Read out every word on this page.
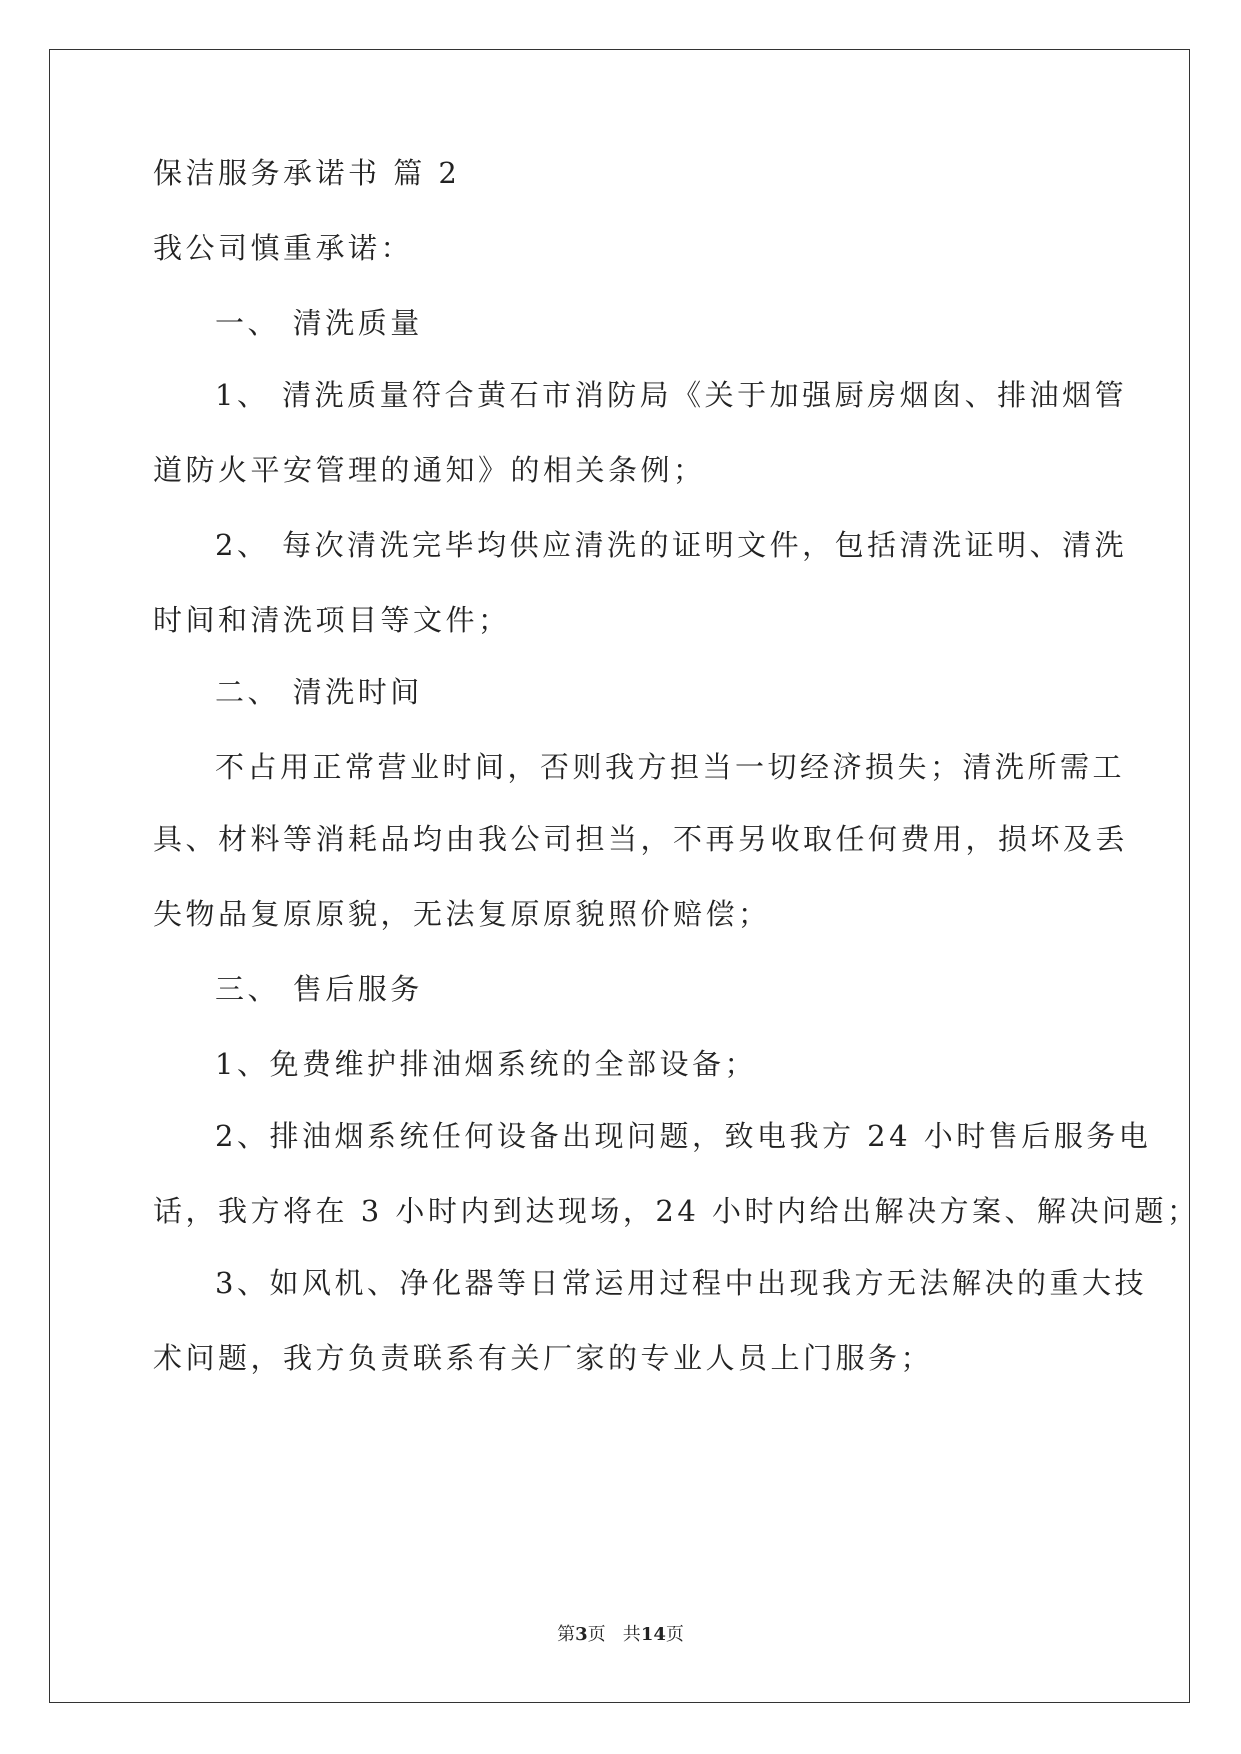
保洁服务承诺书 篇 2
我公司慎重承诺：
一、 清洗质量
1、 清洗质量符合黄石市消防局《关于加强厨房烟囱、排油烟管
道防火平安管理的通知》的相关条例；
2、 每次清洗完毕均供应清洗的证明文件，包括清洗证明、清洗
时间和清洗项目等文件；
二、 清洗时间
不占用正常营业时间，否则我方担当一切经济损失；清洗所需工
具、材料等消耗品均由我公司担当，不再另收取任何费用，损坏及丢
失物品复原原貌，无法复原原貌照价赔偿；
三、 售后服务
1、免费维护排油烟系统的全部设备；
2、排油烟系统任何设备出现问题，致电我方 24 小时售后服务电
话，我方将在 3 小时内到达现场，24 小时内给出解决方案、解决问题；
3、如风机、净化器等日常运用过程中出现我方无法解决的重大技
术问题，我方负责联系有关厂家的专业人员上门服务；
第3页   共14页
